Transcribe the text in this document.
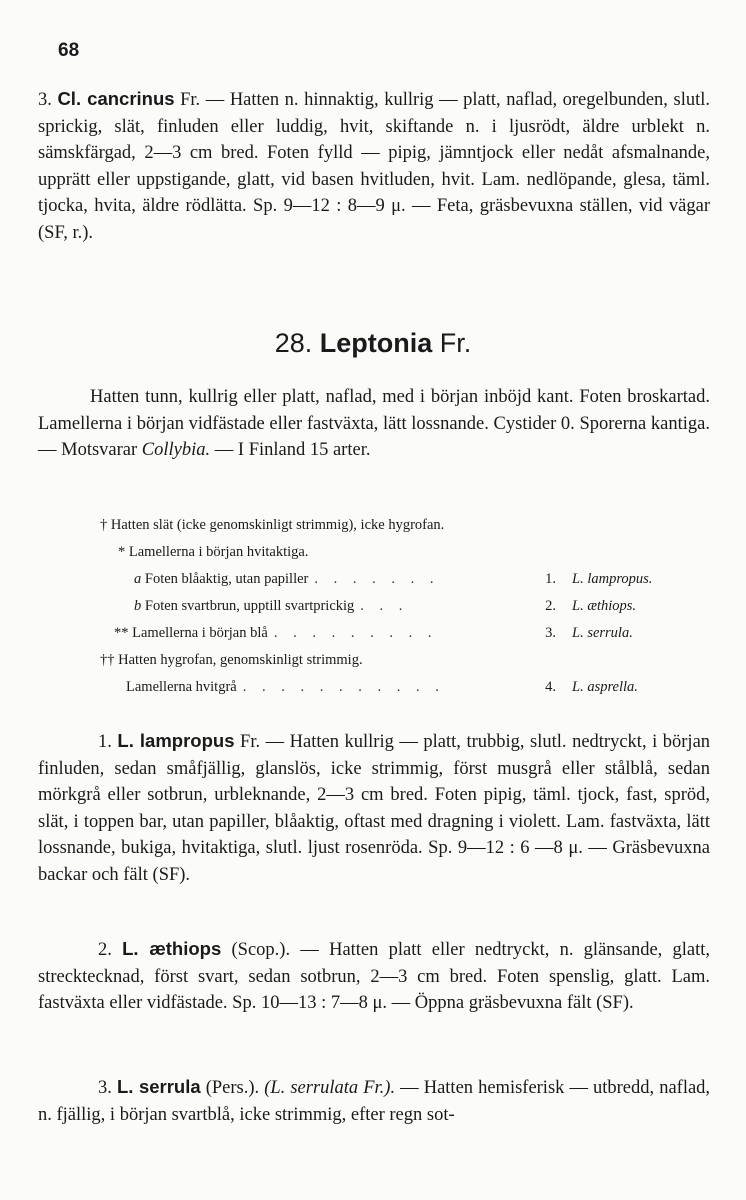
68

3. Cl. cancrinus Fr. — Hatten n. hinnaktig, kullrig — platt, naflad, oregelbunden, slutl. sprickig, slät, finluden eller luddig, hvit, skiftande n. i ljusrödt, äldre urblekt n. sämskfärgad, 2—3 cm bred. Foten fylld — pipig, jämntjock eller nedåt afsmalnande, upprätt eller uppstigande, glatt, vid basen hvitluden, hvit. Lam. nedlöpande, glesa, täml. tjocka, hvita, äldre rödlätta. Sp. 9—12 : 8—9 μ. — Feta, gräsbevuxna ställen, vid vägar (SF, r.).

28. Leptonia Fr.

Hatten tunn, kullrig eller platt, naflad, med i början inböjd kant. Foten broskartad. Lamellerna i början vidfästade eller fastväxta, lätt lossnande. Cystider 0. Sporerna kantiga. — Motsvarar Collybia. — I Finland 15 arter.

† Hatten slät (icke genomskinligt strimmig), icke hygrofan.
* Lamellerna i början hvitaktiga.
a Foten blåaktig, utan papiller . . . . . . .	1.	L. lampropus.
b Foten svartbrun, upptill svartprickig . . .	2.	L. æthiops.
** Lamellerna i början blå . . . . . . . . .	3.	L. serrula.
†† Hatten hygrofan, genomskinligt strimmig.
Lamellerna hvitgrå . . . . . . . . . . .	4.	L. asprella.

1. L. lampropus Fr. — Hatten kullrig — platt, trubbig, slutl. nedtryckt, i början finluden, sedan småfjällig, glanslös, icke strimmig, först musgrå eller stålblå, sedan mörkgrå eller sotbrun, urbleknande, 2—3 cm bred. Foten pipig, täml. tjock, fast, spröd, slät, i toppen bar, utan papiller, blåaktig, oftast med dragning i violett. Lam. fastväxta, lätt lossnande, bukiga, hvitaktiga, slutl. ljust rosenröda. Sp. 9—12 : 6 —8 μ. — Gräsbevuxna backar och fält (SF).

2. L. æthiops (Scop.). — Hatten platt eller nedtryckt, n. glänsande, glatt, strecktecknad, först svart, sedan sotbrun, 2—3 cm bred. Foten spenslig, glatt. Lam. fastväxta eller vidfästade. Sp. 10—13 : 7—8 μ. — Öppna gräsbevuxna fält (SF).

3. L. serrula (Pers.). (L. serrulata Fr.). — Hatten hemisferisk — utbredd, naflad, n. fjällig, i början svartblå, icke strimmig, efter regn sot-
